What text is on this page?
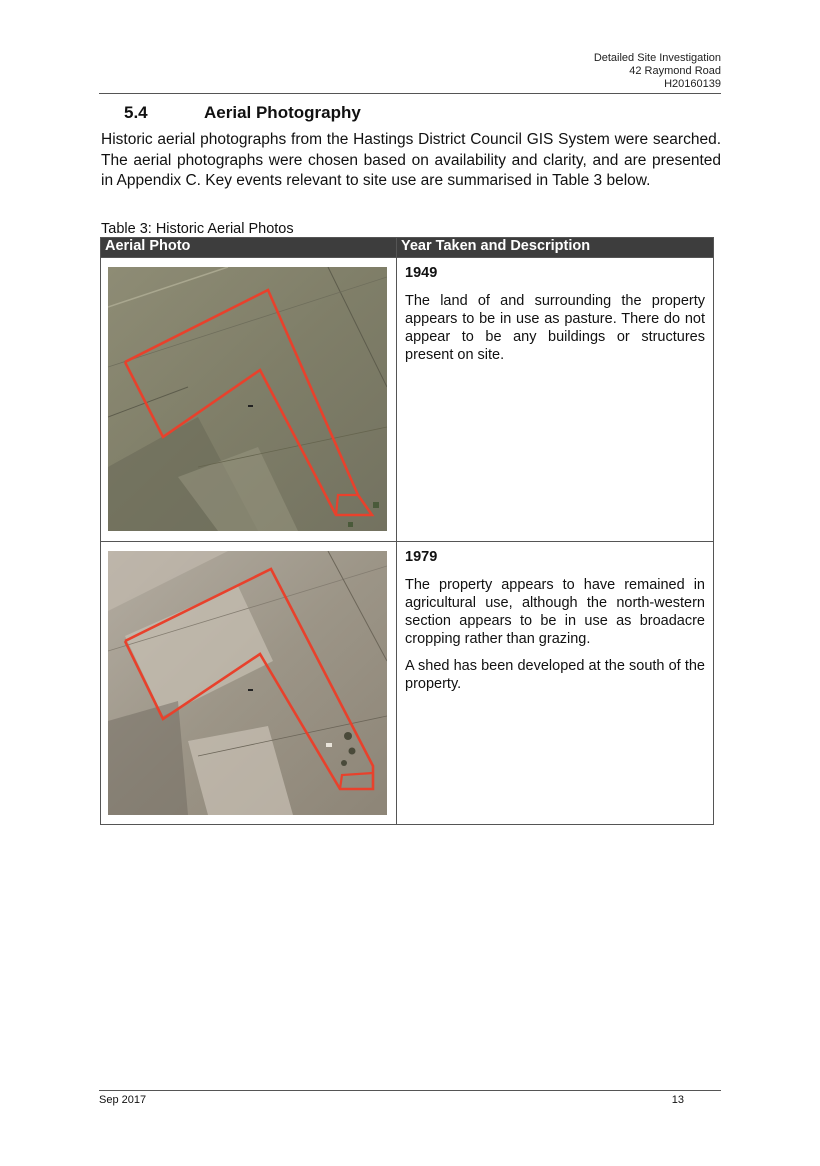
Detailed Site Investigation
42 Raymond Road
H20160139
5.4	Aerial Photography

Historic aerial photographs from the Hastings District Council GIS System were searched. The aerial photographs were chosen based on availability and clarity, and are presented in Appendix C. Key events relevant to site use are summarised in Table 3 below.

Table 3: Historic Aerial Photos
Aerial Photo	Year Taken and Description

1949

The land of and surrounding the property appears to be in use as pasture. There do not appear to be any buildings or structures present on site.

1979

The property appears to have remained in agricultural use, although the north-western section appears to be in use as broadacre cropping rather than grazing.

A shed has been developed at the south of the property.

Sep 2017	13
